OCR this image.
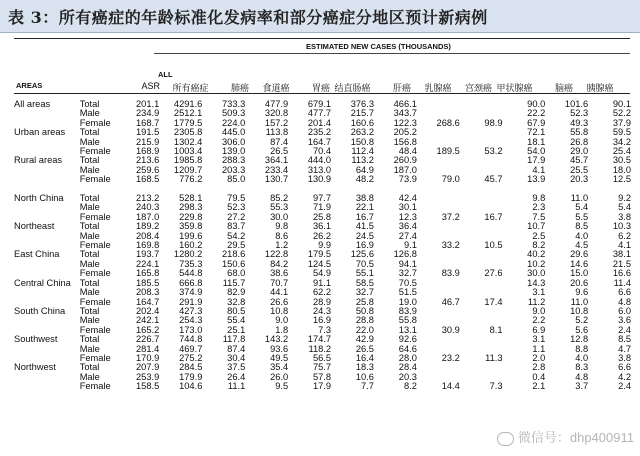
表 3：所有癌症的年龄标准化发病率和部分癌症分地区预计新病例
ESTIMATED NEW CASES (THOUSANDS)
ALL
AREAS	ASR	所有癌症	肺癌	食道癌	胃癌 结直肠癌	肝癌	乳腺癌	宫颈癌 甲状腺癌	脑癌	胰腺癌
All areas	Total	201.1	4291.6	733.3	477.9	679.1	376.3	466.1			90.0	101.6	90.1
	Male	234.9	2512.1	509.3	320.8	477.7	215.7	343.7			22.2	52.3	52.2
	Female	168.7	1779.5	224.0	157.2	201.4	160.6	122.3	268.6	98.9	67.9	49.3	37.9
Urban areas	Total	191.5	2305.8	445.0	113.8	235.2	263.2	205.2			72.1	55.8	59.5
	Male	215.9	1302.4	306.0	87.4	164.7	150.8	156.8			18.1	26.8	34.2
	Female	168.9	1003.4	139.0	26.5	70.4	112.4	48.4	189.5	53.2	54.0	29.0	25.4
Rural areas	Total	213.6	1985.8	288.3	364.1	444.0	113.2	260.9			17.9	45.7	30.5
	Male	259.6	1209.7	203.3	233.4	313.0	64.9	187.0			4.1	25.5	18.0
	Female	168.5	776.2	85.0	130.7	130.9	48.2	73.9	79.0	45.7	13.9	20.3	12.5

North China	Total	213.2	528.1	79.5	85.2	97.7	38.8	42.4			9.8	11.0	9.2
	Male	240.3	298.3	52.3	55.3	71.9	22.1	30.1			2.3	5.4	5.4
	Female	187.0	229.8	27.2	30.0	25.8	16.7	12.3	37.2	16.7	7.5	5.5	3.8
Northeast	Total	189.2	359.8	83.7	9.8	36.1	41.5	36.4			10.7	8.5	10.3
	Male	208.4	199.6	54.2	8.6	26.2	24.5	27.4			2.5	4.0	6.2
	Female	169.8	160.2	29.5	1.2	9.9	16.9	9.1	33.2	10.5	8.2	4.5	4.1
East China	Total	193.7	1280.2	218.6	122.8	179.5	125.6	126.8			40.2	29.6	38.1
	Male	224.1	735.3	150.6	84.2	124.5	70.5	94.1			10.2	14.6	21.5
	Female	165.8	544.8	68.0	38.6	54.9	55.1	32.7	83.9	27.6	30.0	15.0	16.6
Central China	Total	185.5	666.8	115.7	70.7	91.1	58.5	70.5			14.3	20.6	11.4
	Male	208.3	374.9	82.9	44.1	62.2	32.7	51.5			3.1	9.6	6.6
	Female	164.7	291.9	32.8	26.6	28.9	25.8	19.0	46.7	17.4	11.2	11.0	4.8
South China	Total	202.4	427.3	80.5	10.8	24.3	50.8	83.9			9.0	10.8	6.0
	Male	242.1	254.3	55.4	9.0	16.9	28.8	55.8			2.2	5.2	3.6
	Female	165.2	173.0	25.1	1.8	7.3	22.0	13.1	30.9	8.1	6.9	5.6	2.4
Southwest	Total	226.7	744.8	117.8	143.2	174.7	42.9	92.6			3.1	12.8	8.5
	Male	281.4	469.7	87.4	93.6	118.2	26.5	64.6			1.1	8.8	4.7
	Female	170.9	275.2	30.4	49.5	56.5	16.4	28.0	23.2	11.3	2.0	4.0	3.8
Northwest	Total	207.9	284.5	37.5	35.4	75.7	18.3	28.4			2.8	8.3	6.6
	Male	253.9	179.9	26.4	26.0	57.8	10.6	20.3			0.4	4.8	4.2
	Female	158.5	104.6	11.1	9.5	17.9	7.7	8.2	14.4	7.3	2.1	3.7	2.4
微信号：dhp400911
